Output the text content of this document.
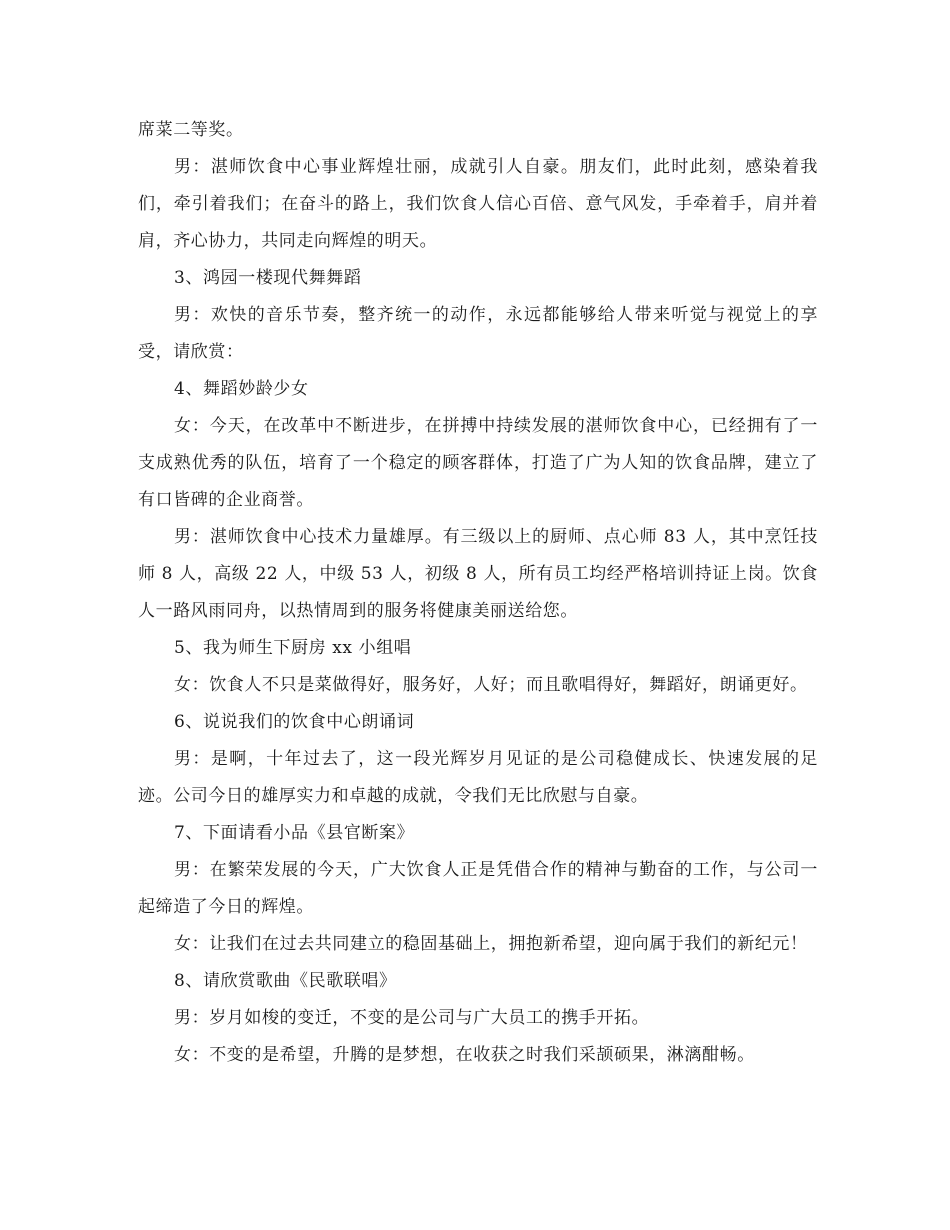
席菜二等奖。

男：湛师饮食中心事业辉煌壮丽，成就引人自豪。朋友们，此时此刻，感染着我们，牵引着我们；在奋斗的路上，我们饮食人信心百倍、意气风发，手牵着手，肩并着肩，齐心协力，共同走向辉煌的明天。

3、鸿园一楼现代舞舞蹈

男：欢快的音乐节奏，整齐统一的动作，永远都能够给人带来听觉与视觉上的享受，请欣赏：

4、舞蹈妙龄少女

女：今天，在改革中不断进步，在拼搏中持续发展的湛师饮食中心，已经拥有了一支成熟优秀的队伍，培育了一个稳定的顾客群体，打造了广为人知的饮食品牌，建立了有口皆碑的企业商誉。

男：湛师饮食中心技术力量雄厚。有三级以上的厨师、点心师 83 人，其中烹饪技师 8 人，高级 22 人，中级 53 人，初级 8 人，所有员工均经严格培训持证上岗。饮食人一路风雨同舟，以热情周到的服务将健康美丽送给您。

5、我为师生下厨房 xx 小组唱

女：饮食人不只是菜做得好，服务好，人好；而且歌唱得好，舞蹈好，朗诵更好。

6、说说我们的饮食中心朗诵词

男：是啊，十年过去了，这一段光辉岁月见证的是公司稳健成长、快速发展的足迹。公司今日的雄厚实力和卓越的成就，令我们无比欣慰与自豪。

7、下面请看小品《县官断案》

男：在繁荣发展的今天，广大饮食人正是凭借合作的精神与勤奋的工作，与公司一起缔造了今日的辉煌。

女：让我们在过去共同建立的稳固基础上，拥抱新希望，迎向属于我们的新纪元！

8、请欣赏歌曲《民歌联唱》

男：岁月如梭的变迁，不变的是公司与广大员工的携手开拓。

女：不变的是希望，升腾的是梦想，在收获之时我们采颉硕果，淋漓酣畅。
